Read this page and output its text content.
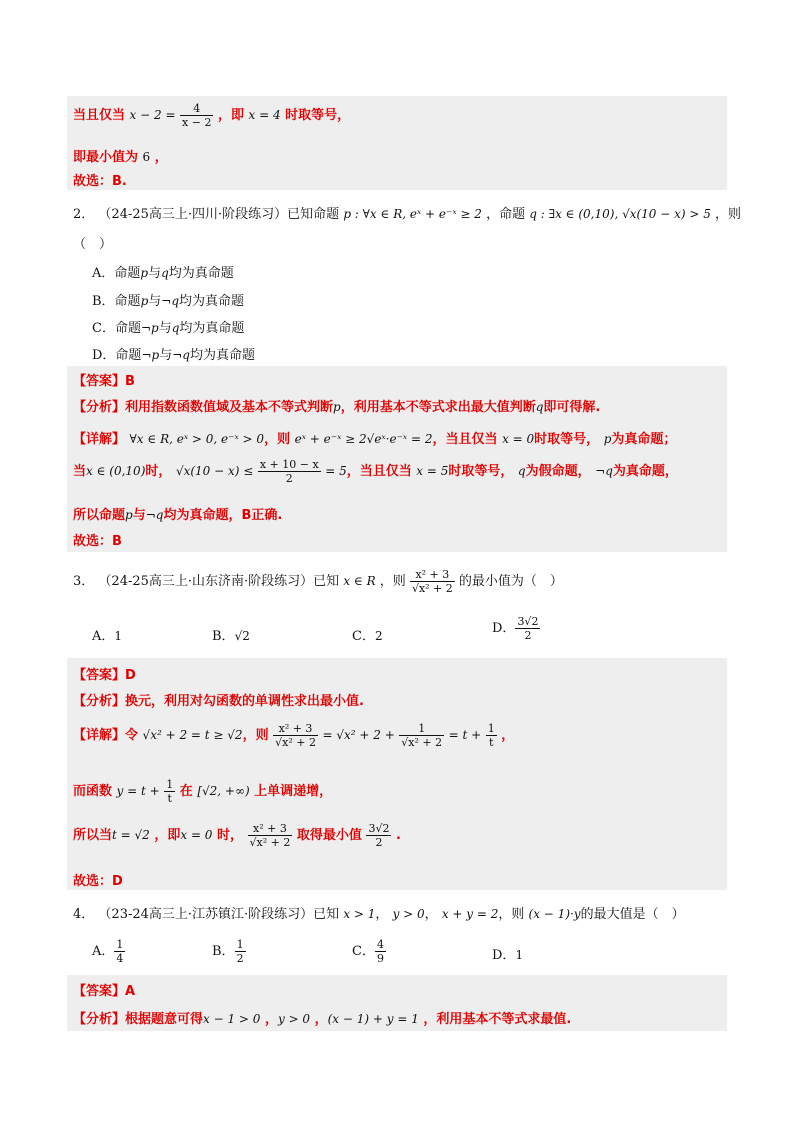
当且仅当 $x - 2 = \frac{4}{x - 2}$ ，即 x = 4 时取等号，
即最小值为 6 ，
故选：B.
2． （24-25高三上·四川·阶段练习）已知命题 p : ∀x ∈ R, eˣ + e⁻ˣ ≥ 2 ，命题 q : ∃x ∈ (0,10), √x(10 − x) > 5 ，则
（　）
A．命题p与q均为真命题
B．命题p与¬q均为真命题
C．命题¬p与q均为真命题
D．命题¬p与¬q均为真命题
【答案】B
【分析】利用指数函数值域及基本不等式判断p，利用基本不等式求出最大值判断q即可得解.
【详解】 ∀x ∈ R, eˣ > 0, e⁻ˣ > 0，则 eˣ + e⁻ˣ ≥ 2√eˣ·e⁻ˣ = 2，当且仅当 x = 0时取等号， p为真命题；
当x ∈ (0,10)时， $√x(10 - x) \le \frac{x + 10 - x}{2} = 5$，当且仅当 x = 5时取等号， q为假命题， ¬q为真命题，
所以命题p与¬q均为真命题，B正确.
故选：B
3． （24-25高三上·山东济南·阶段练习）已知 x ∈ R ，则 $\frac{\text{x² + 3}}{\text{√x² + 2}}$ 的最小值为（　）
A．1	B．√2	C．2	D． $\frac{3√2}{2}$
【答案】D
【分析】换元，利用对勾函数的单调性求出最小值.
【详解】令 √x² + 2 = t ≥ √2，则 $\frac{\text{x² + 3}}{\text{√x² + 2}} = √x^2 + 2 + \frac{1}{\text{√x² + 2}} = t + \frac{1}{t}$ ，
而函数 $y = t + \frac{1}{t}$ 在 [√2, +∞) 上单调递增，
所以当t = √2 ，即x = 0 时， $\frac{\text{x² + 3}}{\text{√x² + 2}}$ 取得最小值 $\frac{3√2}{2}$ .
故选：D
4． （23-24高三上·江苏镇江·阶段练习）已知 x > 1， y > 0， x + y = 2，则 (x − 1)·y的最大值是（　）
A． $\frac{1}{4}$	B． $\frac{1}{2}$	C． $\frac{4}{9}$	D．1
【答案】A
【分析】根据题意可得x − 1 > 0 ，y > 0 ，(x − 1) + y = 1 ，利用基本不等式求最值.
